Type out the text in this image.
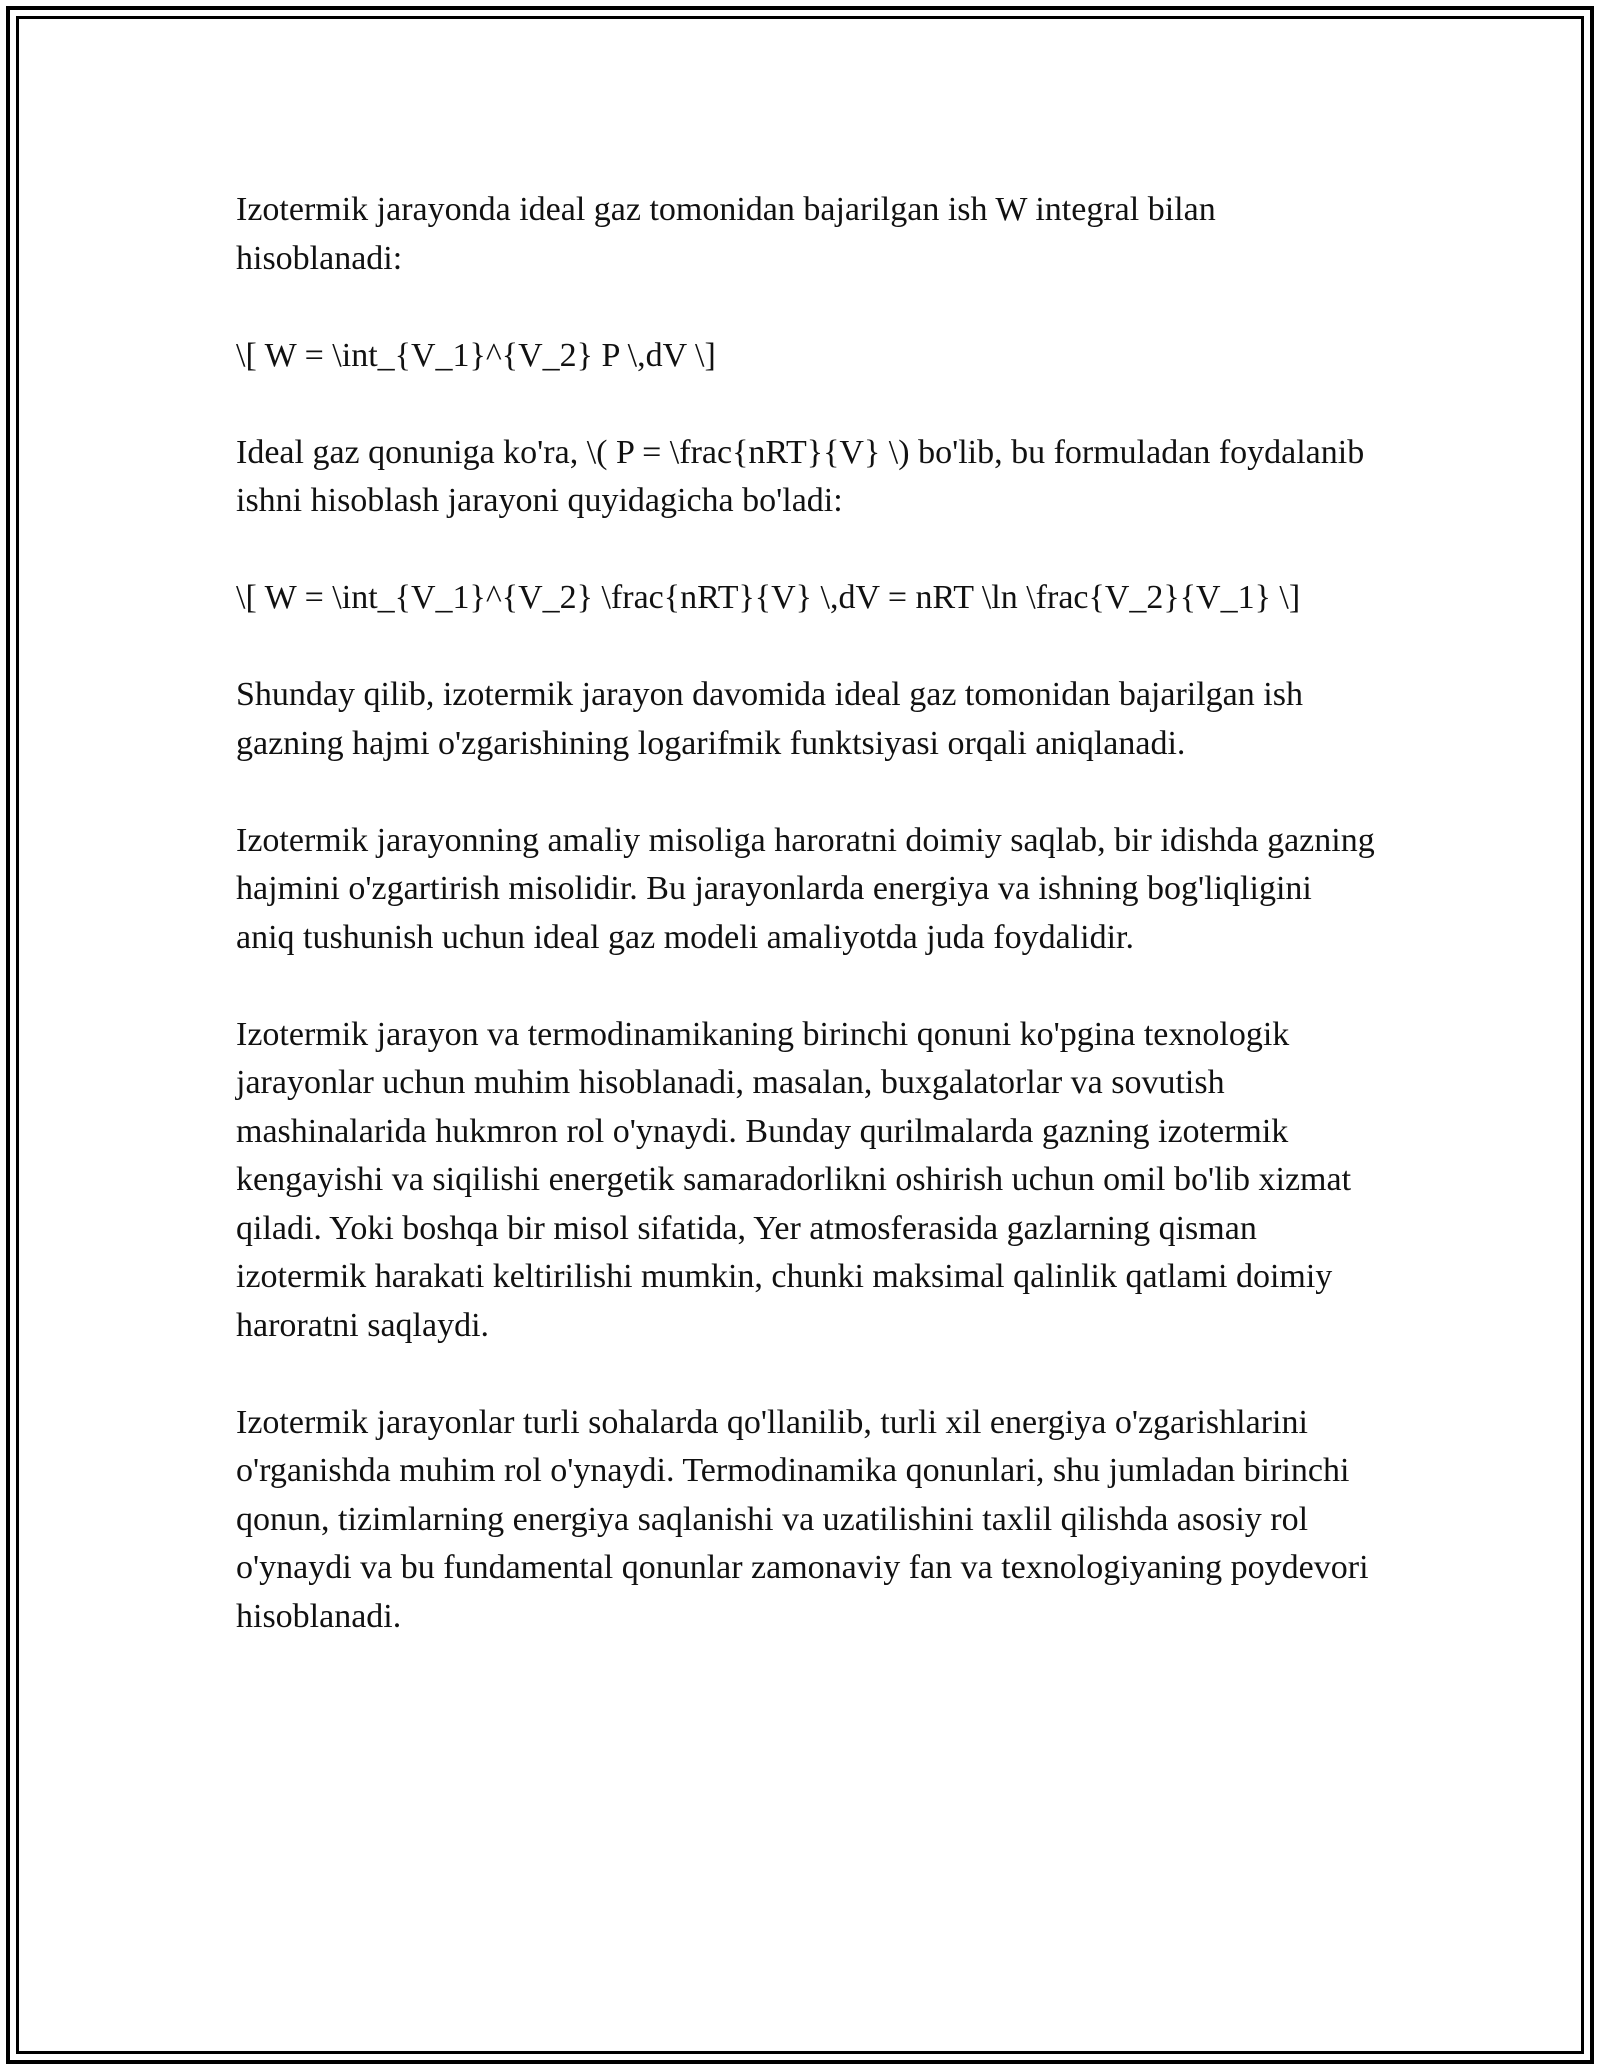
Izotermik jarayonda ideal gaz tomonidan bajarilgan ish W integral bilan hisoblanadi:

\[ W = \int_{V_1}^{V_2} P \,dV \]

Ideal gaz qonuniga ko'ra, \( P = \frac{nRT}{V} \) bo'lib, bu formuladan foydalanib ishni hisoblash jarayoni quyidagicha bo'ladi:

\[ W = \int_{V_1}^{V_2} \frac{nRT}{V} \,dV = nRT \ln \frac{V_2}{V_1} \]

Shunday qilib, izotermik jarayon davomida ideal gaz tomonidan bajarilgan ish gazning hajmi o'zgarishining logarifmik funktsiyasi orqali aniqlanadi.

Izotermik jarayonning amaliy misoliga haroratni doimiy saqlab, bir idishda gazning hajmini o'zgartirish misolidir. Bu jarayonlarda energiya va ishning bog'liqligini aniq tushunish uchun ideal gaz modeli amaliyotda juda foydalidir.

Izotermik jarayon va termodinamikaning birinchi qonuni ko'pgina texnologik jarayonlar uchun muhim hisoblanadi, masalan, buxgalatorlar va sovutish mashinalarida hukmron rol o'ynaydi. Bunday qurilmalarda gazning izotermik kengayishi va siqilishi energetik samaradorlikni oshirish uchun omil bo'lib xizmat qiladi. Yoki boshqa bir misol sifatida, Yer atmosferasida gazlarning qisman izotermik harakati keltirilishi mumkin, chunki maksimal qalinlik qatlami doimiy haroratni saqlaydi.

Izotermik jarayonlar turli sohalarda qo'llanilib, turli xil energiya o'zgarishlarini o'rganishda muhim rol o'ynaydi. Termodinamika qonunlari, shu jumladan birinchi qonun, tizimlarning energiya saqlanishi va uzatilishini taxlil qilishda asosiy rol o'ynaydi va bu fundamental qonunlar zamonaviy fan va texnologiyaning poydevori hisoblanadi.
